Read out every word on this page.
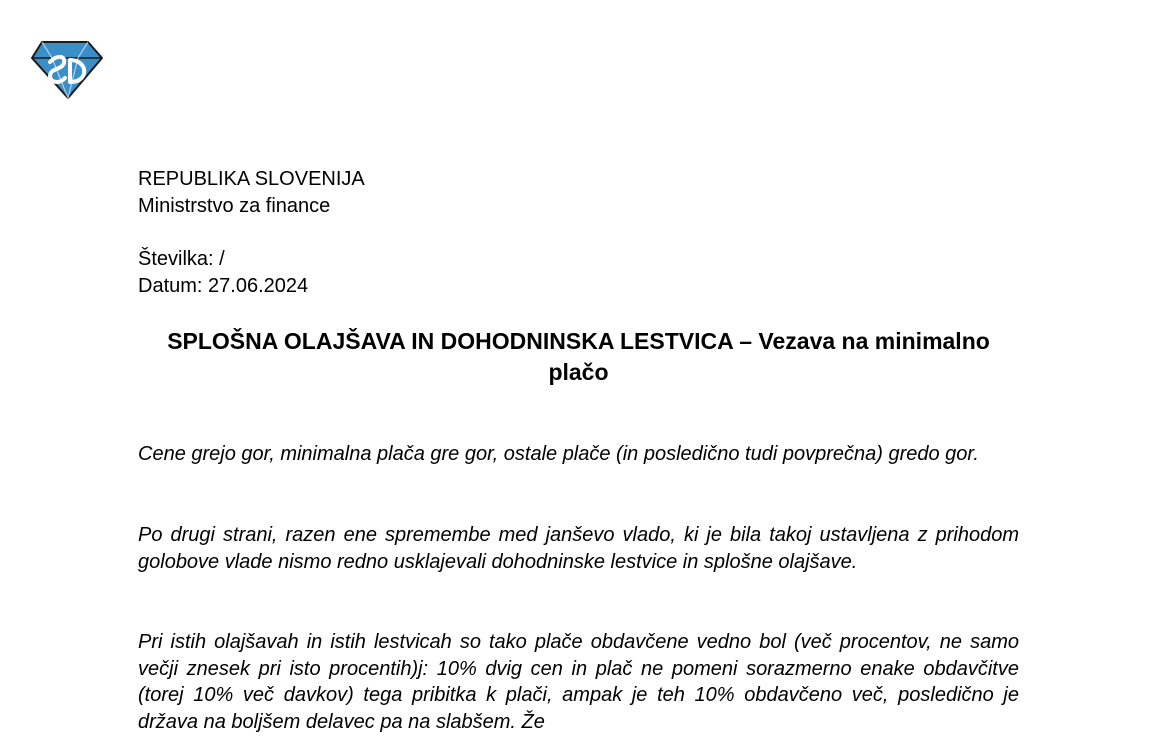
REPUBLIKA SLOVENIJA
Ministrstvo za finance
Številka: /
Datum: 27.06.2024
SPLOŠNA OLAJŠAVA IN DOHODNINSKA LESTVICA – Vezava na minimalno plačo

Cene grejo gor, minimalna plača gre gor, ostale plače (in posledično tudi povprečna) gredo gor.

Po drugi strani, razen ene spremembe med janševo vlado, ki je bila takoj ustavljena z prihodom golobove vlade nismo redno usklajevali dohodninske lestvice in splošne olajšave.

Pri istih olajšavah in istih lestvicah so tako plače obdavčene vedno bol (več procentov, ne samo večji znesek pri isto procentih)j: 10% dvig cen in plač ne pomeni sorazmerno enake obdavčitve (torej 10% več davkov) tega pribitka k plači, ampak je teh 10% obdavčeno več, posledično je država na boljšem delavec pa na slabšem. Že
